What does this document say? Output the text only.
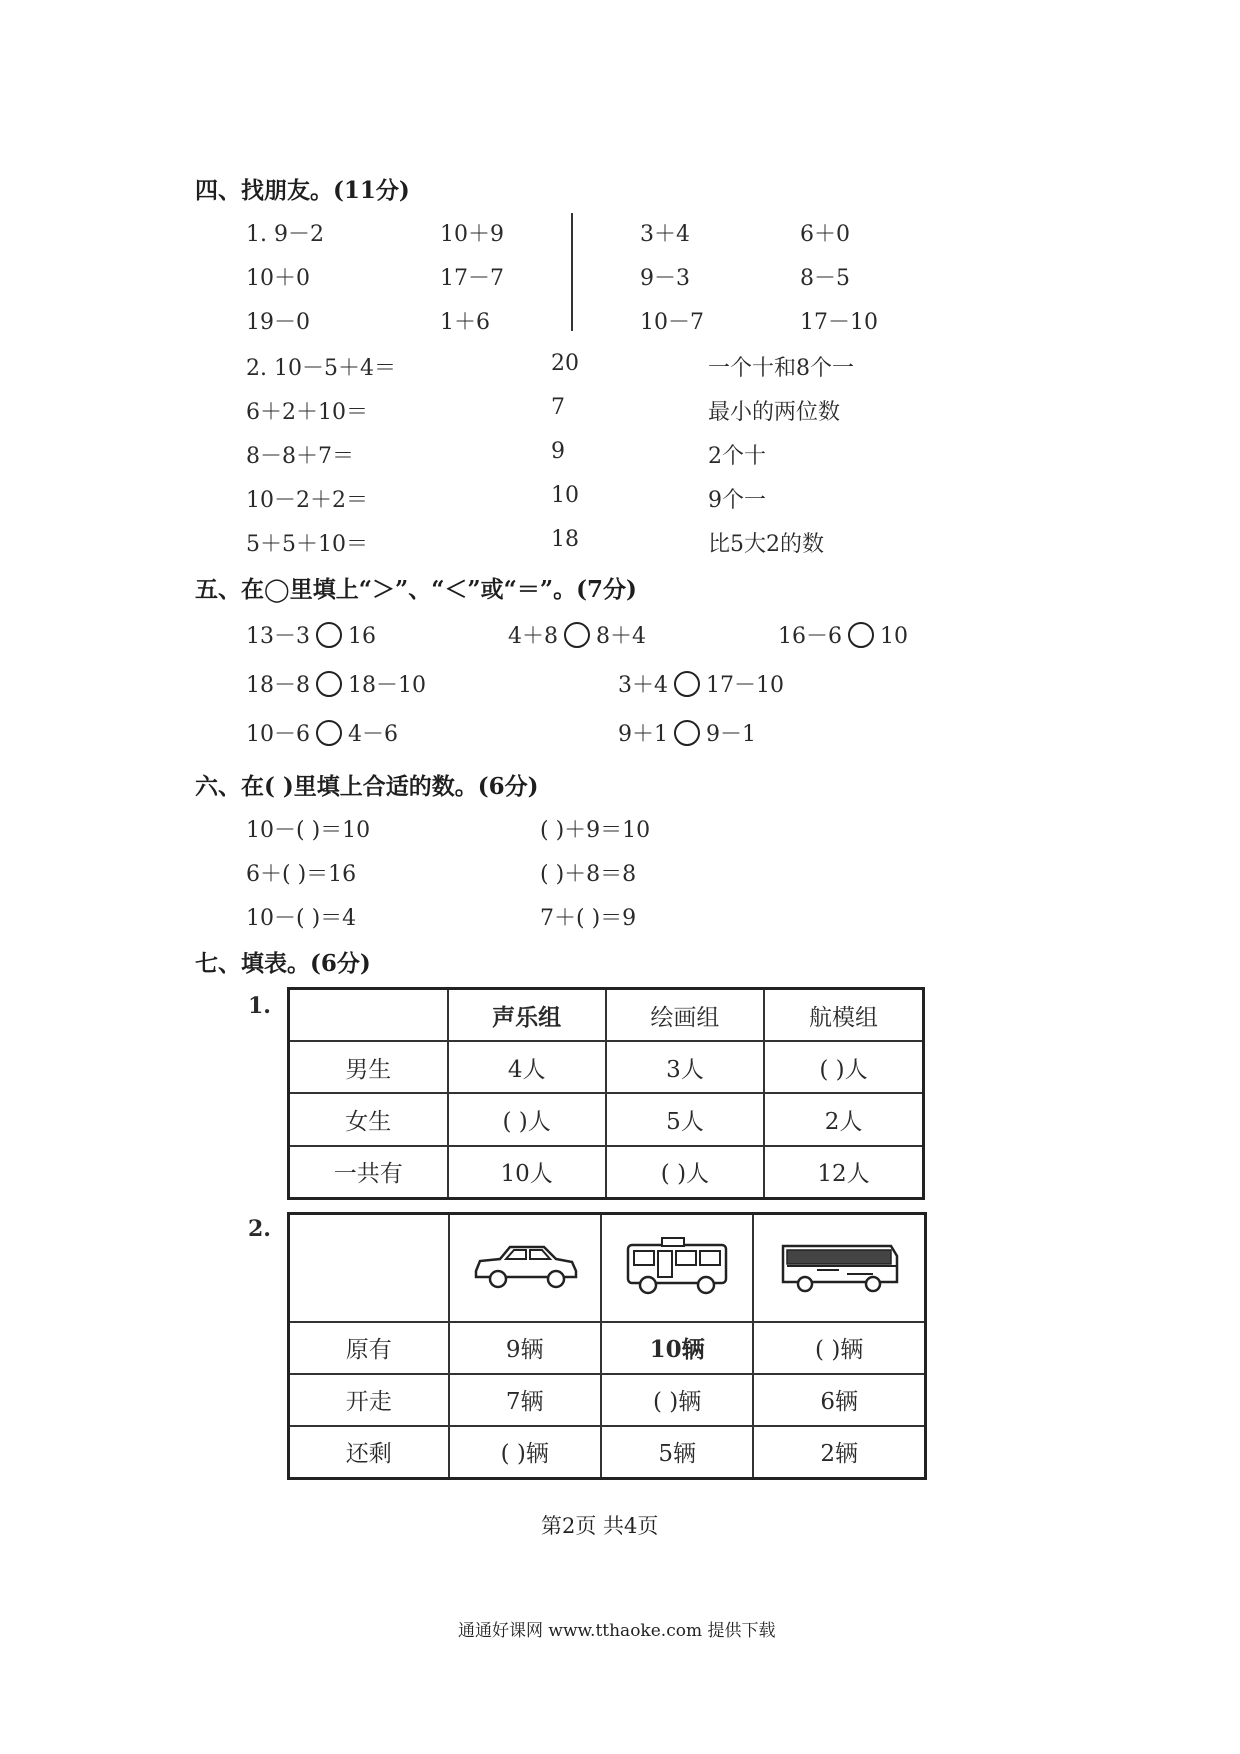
四、找朋友。(11分)
1. 9－2	10＋9
10＋0	17－7
19－0	1＋6
3＋4	6＋0
9－3	8－5
10－7	17－10
2. 10－5＋4＝
6＋2＋10＝
8－8＋7＝
10－2＋2＝
5＋5＋10＝
20
7
9
10
18
一个十和8个一
最小的两位数
2个十
9个一
比5大2的数
五、在◯里填上“＞”、“＜”或“＝”。(7分)
13－3 16	4＋8 8＋4	16－6 10
18－8 18－10	3＋4 17－10
10－6 4－6	9＋1 9－1
六、在( )里填上合适的数。(6分)
10－( )＝10	( )＋9＝10
6＋( )＝16	( )＋8＝8
10－( )＝4	7＋( )＝9
七、填表。(6分)
1.
		声乐组	绘画组	航模组
男生	4人	3人	( )人
女生	( )人	5人	2人
一共有	10人	( )人	12人
2.

原有	9辆	10辆	( )辆
开走	7辆	( )辆	6辆
还剩	( )辆	5辆	2辆
第2页 共4页
通通好课网 www.tthaoke.com 提供下载
